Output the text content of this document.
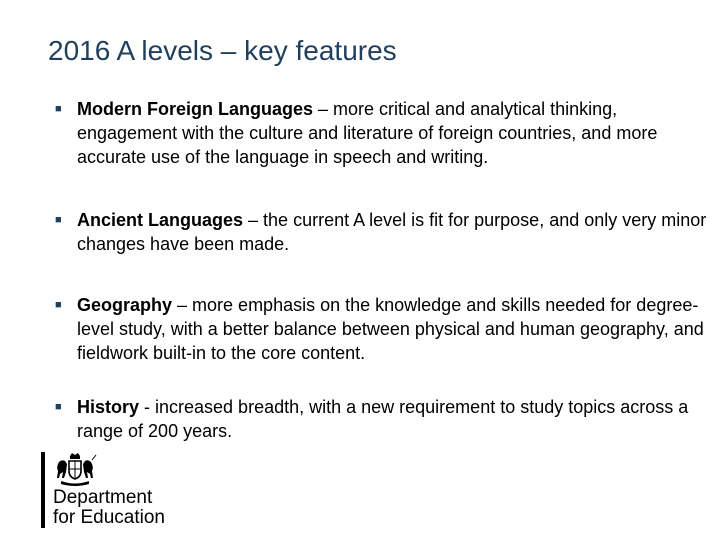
2016 A levels – key features
■ Modern Foreign Languages – more critical and analytical thinking, engagement with the culture and literature of foreign countries, and more accurate use of the language in speech and writing.
■ Ancient Languages – the current A level is fit for purpose, and only very minor changes have been made.
■ Geography – more emphasis on the knowledge and skills needed for degree-level study, with a better balance between physical and human geography, and fieldwork built-in to the core content.
■ History - increased breadth, with a new requirement to study topics across a range of 200 years.
Department
for Education
